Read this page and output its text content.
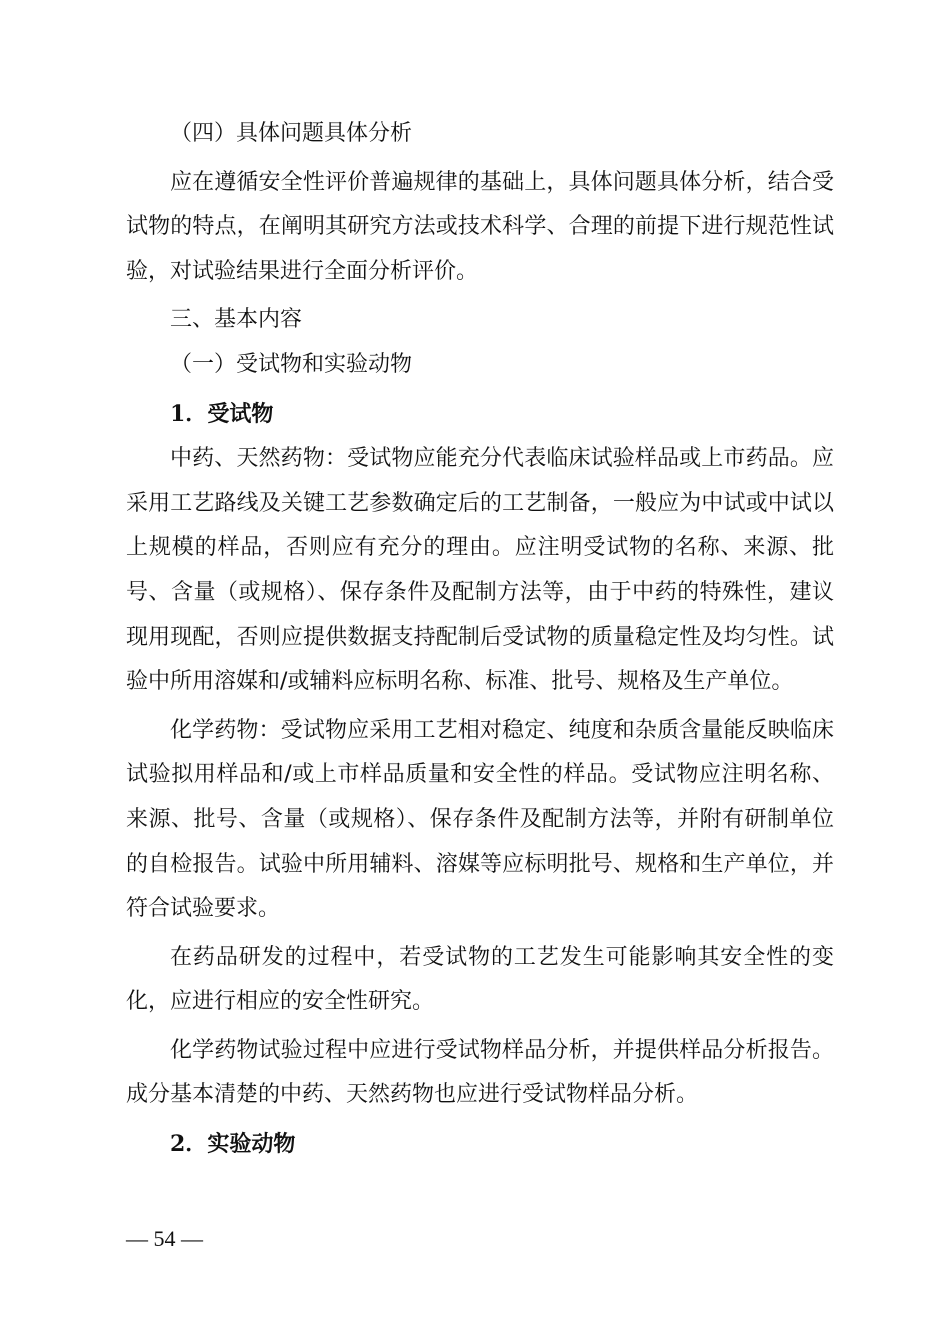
（四）具体问题具体分析

应在遵循安全性评价普遍规律的基础上，具体问题具体分析，结合受试物的特点，在阐明其研究方法或技术科学、合理的前提下进行规范性试验，对试验结果进行全面分析评价。

三、基本内容

（一）受试物和实验动物

1．受试物

中药、天然药物：受试物应能充分代表临床试验样品或上市药品。应采用工艺路线及关键工艺参数确定后的工艺制备，一般应为中试或中试以上规模的样品，否则应有充分的理由。应注明受试物的名称、来源、批号、含量（或规格）、保存条件及配制方法等，由于中药的特殊性，建议现用现配，否则应提供数据支持配制后受试物的质量稳定性及均匀性。试验中所用溶媒和/或辅料应标明名称、标准、批号、规格及生产单位。

化学药物：受试物应采用工艺相对稳定、纯度和杂质含量能反映临床试验拟用样品和/或上市样品质量和安全性的样品。受试物应注明名称、来源、批号、含量（或规格）、保存条件及配制方法等，并附有研制单位的自检报告。试验中所用辅料、溶媒等应标明批号、规格和生产单位，并符合试验要求。

在药品研发的过程中，若受试物的工艺发生可能影响其安全性的变化，应进行相应的安全性研究。

化学药物试验过程中应进行受试物样品分析，并提供样品分析报告。成分基本清楚的中药、天然药物也应进行受试物样品分析。

2．实验动物

— 54 —
